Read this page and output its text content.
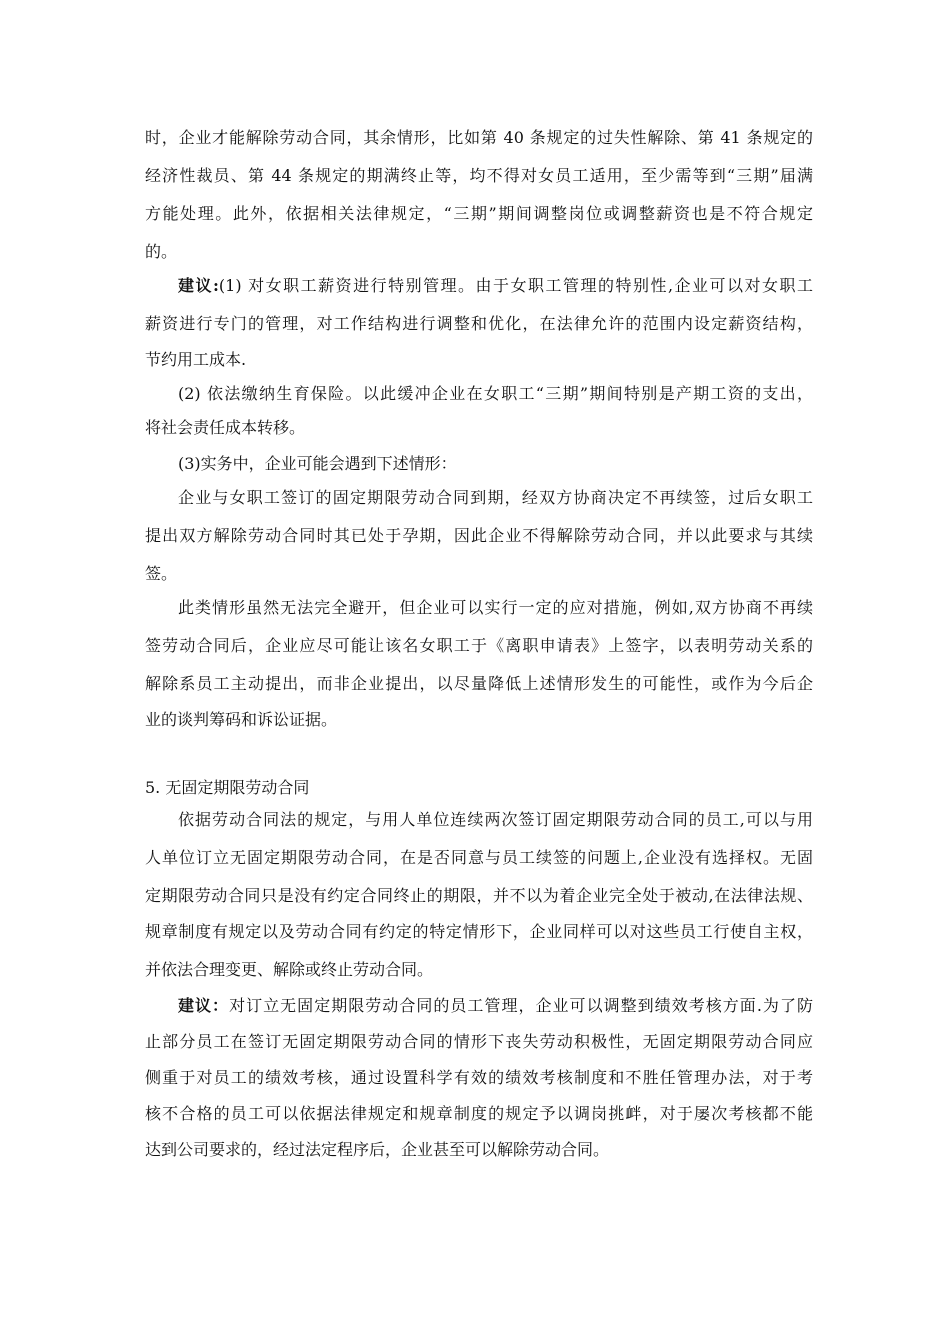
时，企业才能解除劳动合同，其余情形，比如第 40 条规定的过失性解除、第 41 条规定的
经济性裁员、第 44 条规定的期满终止等，均不得对女员工适用，至少需等到“三期”届满
方能处理。此外，依据相关法律规定，“三期”期间调整岗位或调整薪资也是不符合规定
的。
建议:(1) 对女职工薪资进行特别管理。由于女职工管理的特别性,企业可以对女职工
薪资进行专门的管理，对工作结构进行调整和优化，在法律允许的范围内设定薪资结构，
节约用工成本.
(2) 依法缴纳生育保险。以此缓冲企业在女职工“三期”期间特别是产期工资的支出，
将社会责任成本转移。
(3)实务中，企业可能会遇到下述情形：
企业与女职工签订的固定期限劳动合同到期，经双方协商决定不再续签，过后女职工
提出双方解除劳动合同时其已处于孕期，因此企业不得解除劳动合同，并以此要求与其续
签。
此类情形虽然无法完全避开，但企业可以实行一定的应对措施，例如,双方协商不再续
签劳动合同后，企业应尽可能让该名女职工于《离职申请表》上签字，以表明劳动关系的
解除系员工主动提出，而非企业提出，以尽量降低上述情形发生的可能性，或作为今后企
业的谈判筹码和诉讼证据。
5. 无固定期限劳动合同
依据劳动合同法的规定，与用人单位连续两次签订固定期限劳动合同的员工,可以与用
人单位订立无固定期限劳动合同，在是否同意与员工续签的问题上,企业没有选择权。无固
定期限劳动合同只是没有约定合同终止的期限，并不以为着企业完全处于被动,在法律法规、
规章制度有规定以及劳动合同有约定的特定情形下，企业同样可以对这些员工行使自主权，
并依法合理变更、解除或终止劳动合同。
建议：对订立无固定期限劳动合同的员工管理，企业可以调整到绩效考核方面.为了防
止部分员工在签订无固定期限劳动合同的情形下丧失劳动积极性，无固定期限劳动合同应
侧重于对员工的绩效考核，通过设置科学有效的绩效考核制度和不胜任管理办法，对于考
核不合格的员工可以依据法律规定和规章制度的规定予以调岗挑衅，对于屡次考核都不能
达到公司要求的，经过法定程序后，企业甚至可以解除劳动合同。
